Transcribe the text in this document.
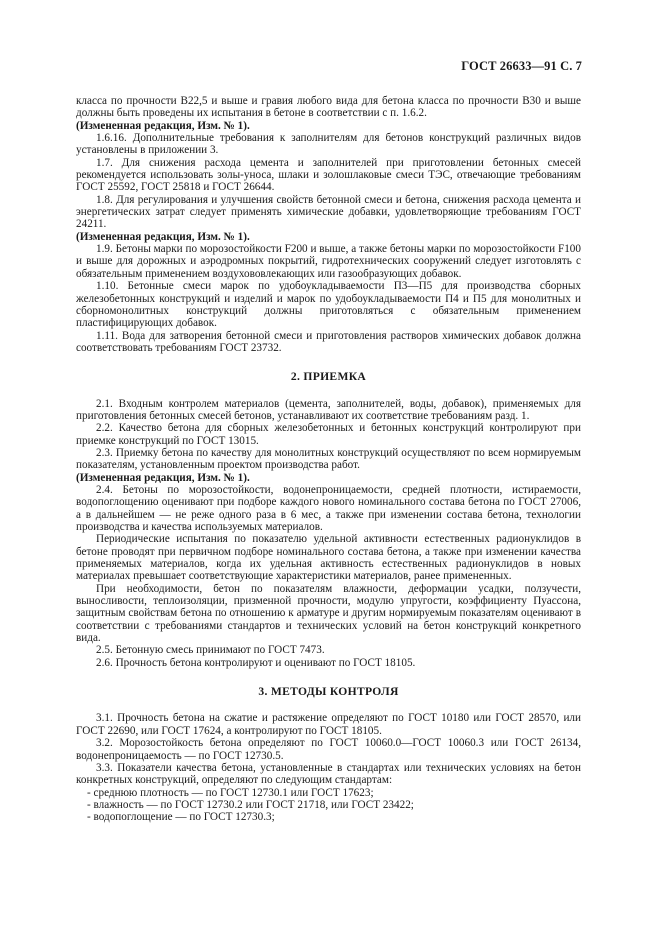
ГОСТ 26633—91 С. 7

класса по прочности В22,5 и выше и гравия любого вида для бетона класса по прочности В30 и выше должны быть проведены их испытания в бетоне в соответствии с п. 1.6.2.

(Измененная редакция, Изм. № 1).

1.6.16. Дополнительные требования к заполнителям для бетонов конструкций различных видов установлены в приложении 3.

1.7. Для снижения расхода цемента и заполнителей при приготовлении бетонных смесей рекомендуется использовать золы-уноса, шлаки и золошлаковые смеси ТЭС, отвечающие требованиям ГОСТ 25592, ГОСТ 25818 и ГОСТ 26644.

1.8. Для регулирования и улучшения свойств бетонной смеси и бетона, снижения расхода цемента и энергетических затрат следует применять химические добавки, удовлетворяющие требованиям ГОСТ 24211.

(Измененная редакция, Изм. № 1).

1.9. Бетоны марки по морозостойкости F200 и выше, а также бетоны марки по морозостойкости F100 и выше для дорожных и аэродромных покрытий, гидротехнических сооружений следует изготовлять с обязательным применением воздухововлекающих или газообразующих добавок.

1.10. Бетонные смеси марок по удобоукладываемости П3—П5 для производства сборных железобетонных конструкций и изделий и марок по удобоукладываемости П4 и П5 для монолитных и сборномонолитных конструкций должны приготовляться с обязательным применением пластифицирующих добавок.

1.11. Вода для затворения бетонной смеси и приготовления растворов химических добавок должна соответствовать требованиям ГОСТ 23732.

2. ПРИЕМКА

2.1. Входным контролем материалов (цемента, заполнителей, воды, добавок), применяемых для приготовления бетонных смесей бетонов, устанавливают их соответствие требованиям разд. 1.

2.2. Качество бетона для сборных железобетонных и бетонных конструкций контролируют при приемке конструкций по ГОСТ 13015.

2.3. Приемку бетона по качеству для монолитных конструкций осуществляют по всем нормируемым показателям, установленным проектом производства работ.

(Измененная редакция, Изм. № 1).

2.4. Бетоны по морозостойкости, водонепроницаемости, средней плотности, истираемости, водопоглощению оценивают при подборе каждого нового номинального состава бетона по ГОСТ 27006, а в дальнейшем — не реже одного раза в 6 мес, а также при изменении состава бетона, технологии производства и качества используемых материалов.

Периодические испытания по показателю удельной активности естественных радионуклидов в бетоне проводят при первичном подборе номинального состава бетона, а также при изменении качества применяемых материалов, когда их удельная активность естественных радионуклидов в новых материалах превышает соответствующие характеристики материалов, ранее примененных.

При необходимости, бетон по показателям влажности, деформации усадки, ползучести, выносливости, теплоизоляции, призменной прочности, модулю упругости, коэффициенту Пуассона, защитным свойствам бетона по отношению к арматуре и другим нормируемым показателям оценивают в соответствии с требованиями стандартов и технических условий на бетон конструкций конкретного вида.

2.5. Бетонную смесь принимают по ГОСТ 7473.

2.6. Прочность бетона контролируют и оценивают по ГОСТ 18105.

3. МЕТОДЫ КОНТРОЛЯ

3.1. Прочность бетона на сжатие и растяжение определяют по ГОСТ 10180 или ГОСТ 28570, или ГОСТ 22690, или ГОСТ 17624, а контролируют по ГОСТ 18105.

3.2. Морозостойкость бетона определяют по ГОСТ 10060.0—ГОСТ 10060.3 или ГОСТ 26134, водонепроницаемость — по ГОСТ 12730.5.

3.3. Показатели качества бетона, установленные в стандартах или технических условиях на бетон конкретных конструкций, определяют по следующим стандартам:

- среднюю плотность — по ГОСТ 12730.1 или ГОСТ 17623;

- влажность — по ГОСТ 12730.2 или ГОСТ 21718, или ГОСТ 23422;

- водопоглощение — по ГОСТ 12730.3;
